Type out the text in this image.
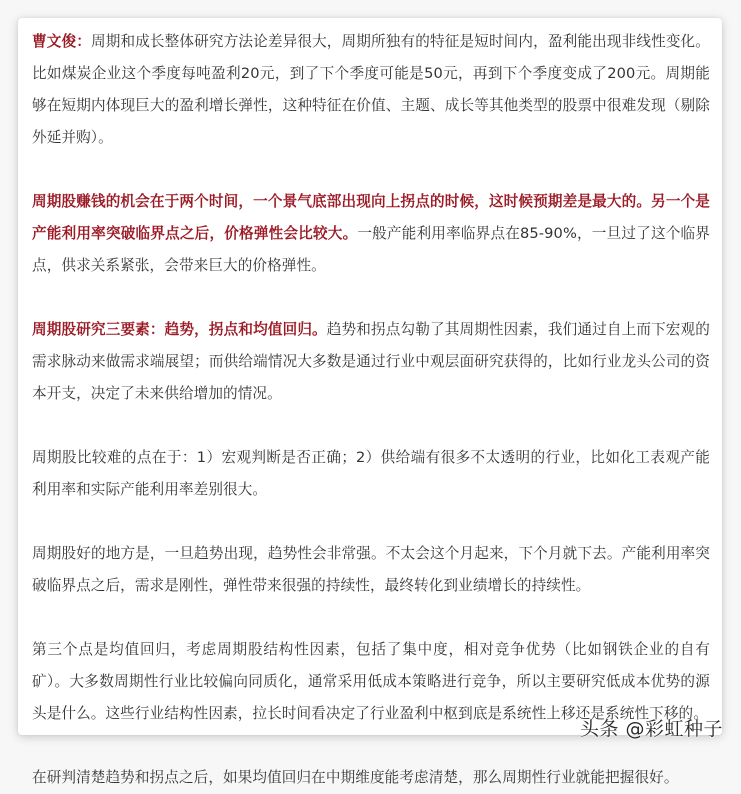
曹文俊：周期和成长整体研究方法论差异很大，周期所独有的特征是短时间内，盈利能出现非线性变化。比如煤炭企业这个季度每吨盈利20元，到了下个季度可能是50元，再到下个季度变成了200元。周期能够在短期内体现巨大的盈利增长弹性，这种特征在价值、主题、成长等其他类型的股票中很难发现（剔除外延并购）。

周期股赚钱的机会在于两个时间，一个景气底部出现向上拐点的时候，这时候预期差是最大的。另一个是产能利用率突破临界点之后，价格弹性会比较大。一般产能利用率临界点在85-90%，一旦过了这个临界点，供求关系紧张，会带来巨大的价格弹性。

周期股研究三要素：趋势，拐点和均值回归。趋势和拐点勾勒了其周期性因素，我们通过自上而下宏观的需求脉动来做需求端展望；而供给端情况大多数是通过行业中观层面研究获得的，比如行业龙头公司的资本开支，决定了未来供给增加的情况。

周期股比较难的点在于：1）宏观判断是否正确；2）供给端有很多不太透明的行业，比如化工表观产能利用率和实际产能利用率差别很大。

周期股好的地方是，一旦趋势出现，趋势性会非常强。不太会这个月起来，下个月就下去。产能利用率突破临界点之后，需求是刚性，弹性带来很强的持续性，最终转化到业绩增长的持续性。

第三个点是均值回归，考虑周期股结构性因素，包括了集中度，相对竞争优势（比如钢铁企业的自有矿）。大多数周期性行业比较偏向同质化，通常采用低成本策略进行竞争，所以主要研究低成本优势的源头是什么。这些行业结构性因素，拉长时间看决定了行业盈利中枢到底是系统性上移还是系统性下移的。

在研判清楚趋势和拐点之后，如果均值回归在中期维度能考虑清楚，那么周期性行业就能把握很好。

头条 @彩虹种子
